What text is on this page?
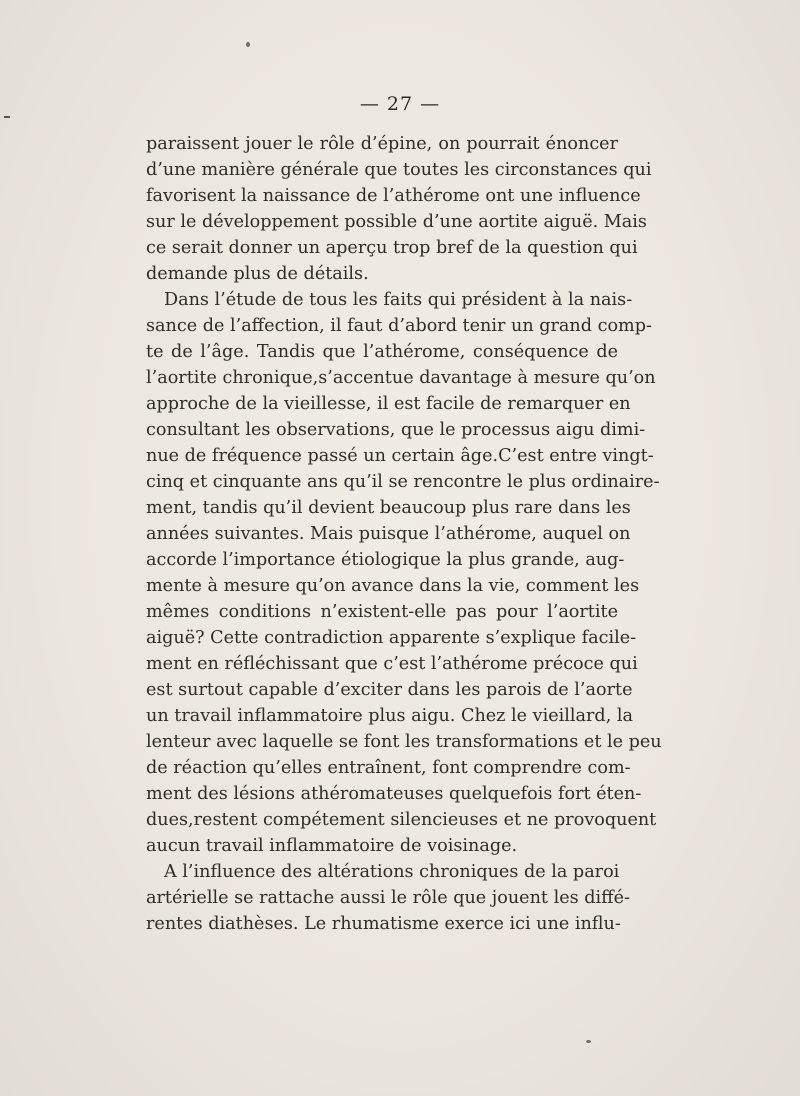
— 27 —
paraissent jouer le rôle d’épine, on pourrait énoncer
d’une manière générale que toutes les circonstances qui
favorisent la naissance de l’athérome ont une influence
sur le développement possible d’une aortite aiguë. Mais
ce serait donner un aperçu trop bref de la question qui
demande plus de détails.
Dans l’étude de tous les faits qui président à la nais-
sance de l’affection, il faut d’abord tenir un grand comp-
te de l’âge. Tandis que l’athérome, conséquence de
l’aortite chronique,s’accentue davantage à mesure qu’on
approche de la vieillesse, il est facile de remarquer en
consultant les observations, que le processus aigu dimi-
nue de fréquence passé un certain âge.C’est entre vingt-
cinq et cinquante ans qu’il se rencontre le plus ordinaire-
ment, tandis qu’il devient beaucoup plus rare dans les
années suivantes. Mais puisque l’athérome, auquel on
accorde l’importance étiologique la plus grande, aug-
mente à mesure qu’on avance dans la vie, comment les
mêmes conditions n’existent-elle pas pour l’aortite
aiguë? Cette contradiction apparente s’explique facile-
ment en réfléchissant que c’est l’athérome précoce qui
est surtout capable d’exciter dans les parois de l’aorte
un travail inflammatoire plus aigu. Chez le vieillard, la
lenteur avec laquelle se font les transformations et le peu
de réaction qu’elles entraînent, font comprendre com-
ment des lésions athéromateuses quelquefois fort éten-
dues,restent compétement silencieuses et ne provoquent
aucun travail inflammatoire de voisinage.
A l’influence des altérations chroniques de la paroi
artérielle se rattache aussi le rôle que jouent les diffé-
rentes diathèses. Le rhumatisme exerce ici une influ-
